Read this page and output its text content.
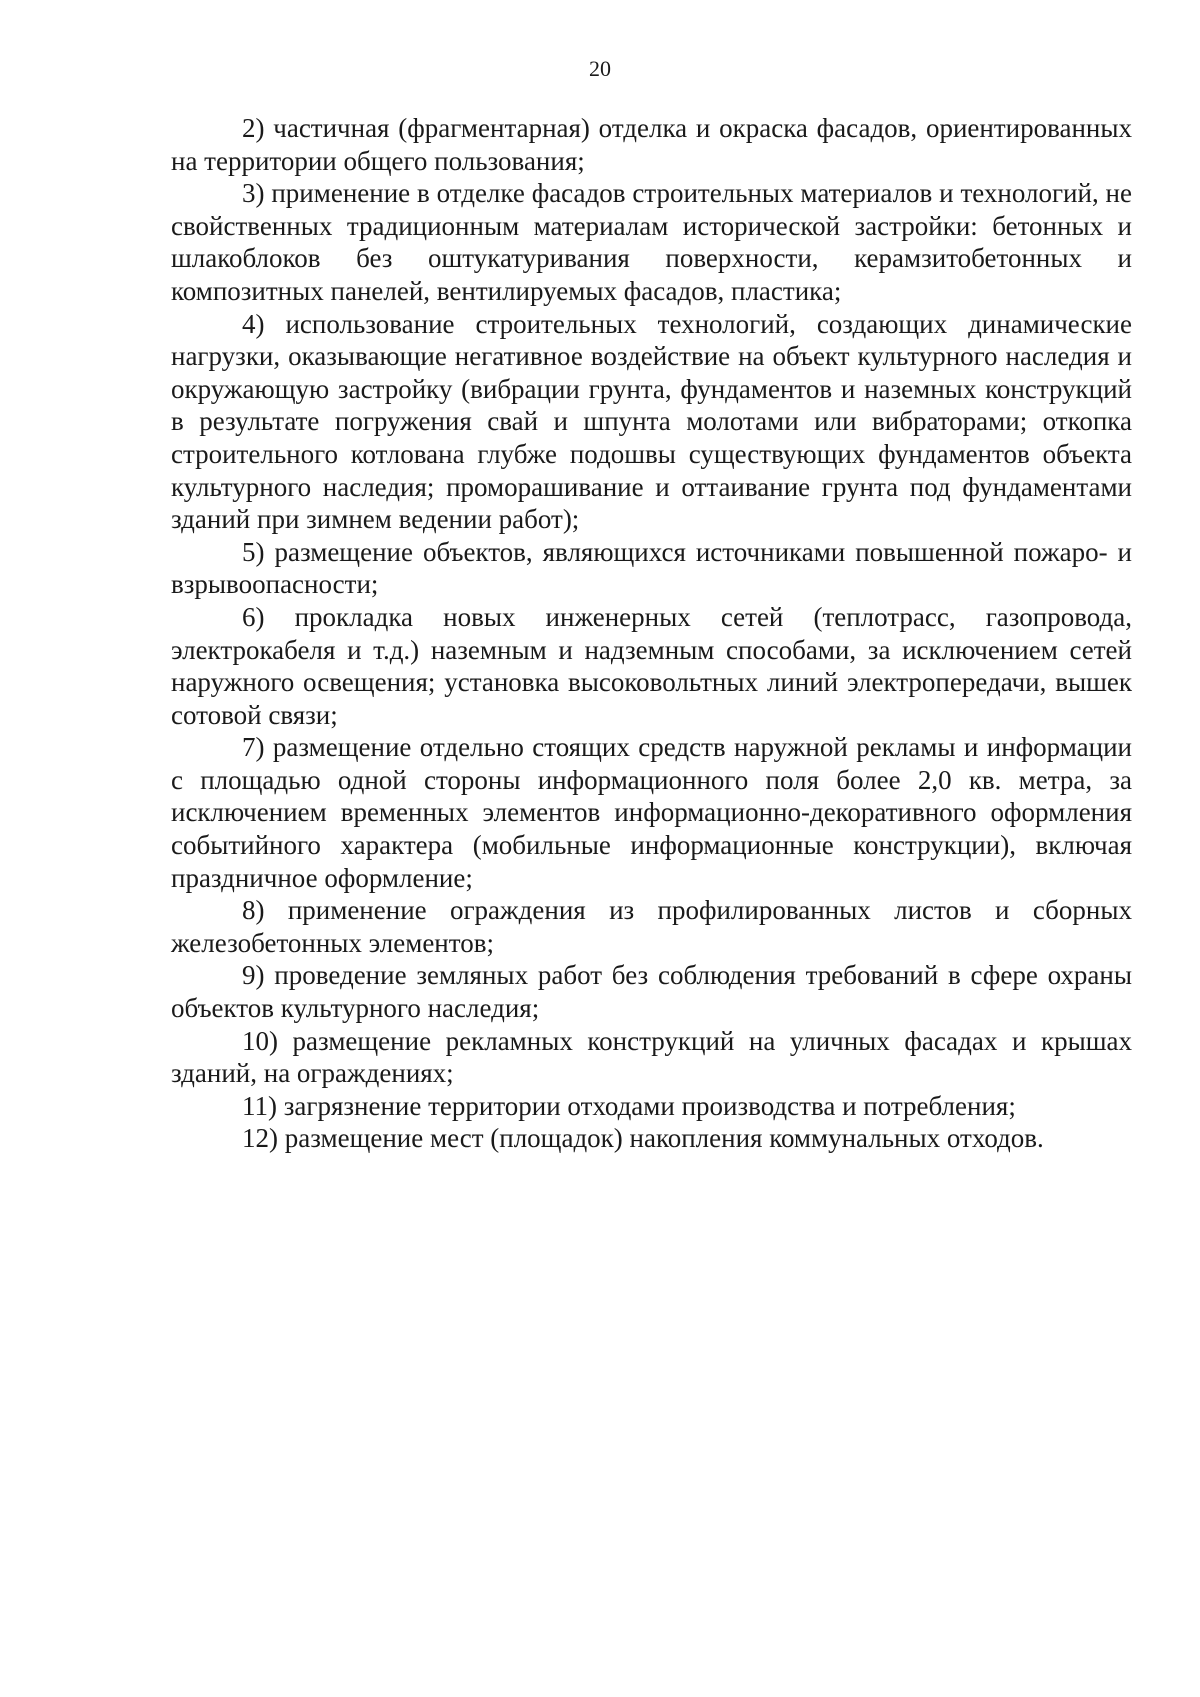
20

2) частичная (фрагментарная) отделка и окраска фасадов, ориентированных на территории общего пользования;

3) применение в отделке фасадов строительных материалов и технологий, не свойственных традиционным материалам исторической застройки: бетонных и шлакоблоков без оштукатуривания поверхности, керамзитобетонных и композитных панелей, вентилируемых фасадов, пластика;

4) использование строительных технологий, создающих динамические нагрузки, оказывающие негативное воздействие на объект культурного наследия и окружающую застройку (вибрации грунта, фундаментов и наземных конструкций в результате погружения свай и шпунта молотами или вибраторами; откопка строительного котлована глубже подошвы существующих фундаментов объекта культурного наследия; проморашивание и оттаивание грунта под фундаментами зданий при зимнем ведении работ);

5) размещение объектов, являющихся источниками повышенной пожаро- и взрывоопасности;

6) прокладка новых инженерных сетей (теплотрасс, газопровода, электрокабеля и т.д.) наземным и надземным способами, за исключением сетей наружного освещения; установка высоковольтных линий электропередачи, вышек сотовой связи;

7) размещение отдельно стоящих средств наружной рекламы и информации с площадью одной стороны информационного поля более 2,0 кв. метра, за исключением временных элементов информационно-декоративного оформления событийного характера (мобильные информационные конструкции), включая праздничное оформление;

8) применение ограждения из профилированных листов и сборных железобетонных элементов;

9) проведение земляных работ без соблюдения требований в сфере охраны объектов культурного наследия;

10) размещение рекламных конструкций на уличных фасадах и крышах зданий, на ограждениях;

11) загрязнение территории отходами производства и потребления;

12) размещение мест (площадок) накопления коммунальных отходов.
